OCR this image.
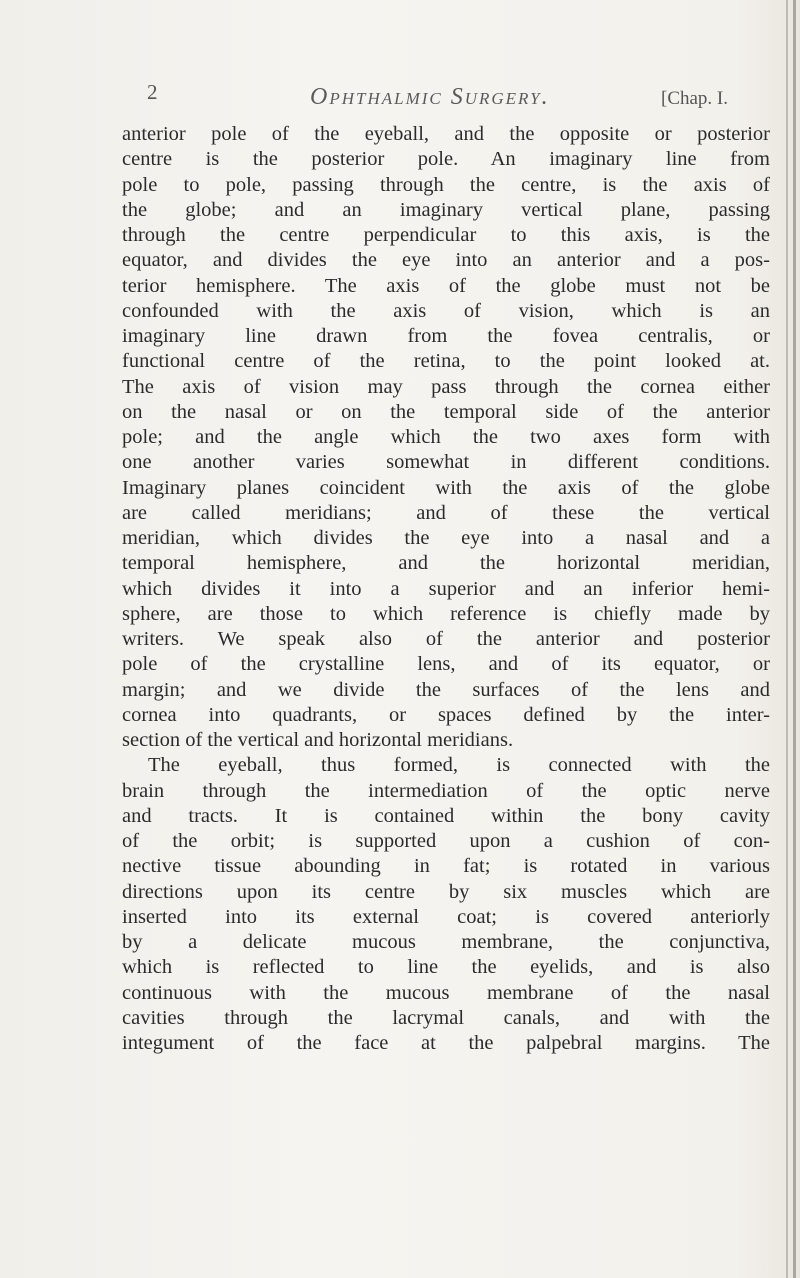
2	Ophthalmic Surgery.	[Chap. I.
anterior pole of the eyeball, and the opposite or posterior
centre is the posterior pole. An imaginary line from
pole to pole, passing through the centre, is the axis of
the globe; and an imaginary vertical plane, passing
through the centre perpendicular to this axis, is the
equator, and divides the eye into an anterior and a pos-
terior hemisphere. The axis of the globe must not be
confounded with the axis of vision, which is an
imaginary line drawn from the fovea centralis, or
functional centre of the retina, to the point looked at.
The axis of vision may pass through the cornea either
on the nasal or on the temporal side of the anterior
pole; and the angle which the two axes form with
one another varies somewhat in different conditions.
Imaginary planes coincident with the axis of the globe
are called meridians; and of these the vertical
meridian, which divides the eye into a nasal and a
temporal hemisphere, and the horizontal meridian,
which divides it into a superior and an inferior hemi-
sphere, are those to which reference is chiefly made by
writers. We speak also of the anterior and posterior
pole of the crystalline lens, and of its equator, or
margin; and we divide the surfaces of the lens and
cornea into quadrants, or spaces defined by the inter-
section of the vertical and horizontal meridians.
The eyeball, thus formed, is connected with the
brain through the intermediation of the optic nerve
and tracts. It is contained within the bony cavity
of the orbit; is supported upon a cushion of con-
nective tissue abounding in fat; is rotated in various
directions upon its centre by six muscles which are
inserted into its external coat; is covered anteriorly
by a delicate mucous membrane, the conjunctiva,
which is reflected to line the eyelids, and is also
continuous with the mucous membrane of the nasal
cavities through the lacrymal canals, and with the
integument of the face at the palpebral margins. The
